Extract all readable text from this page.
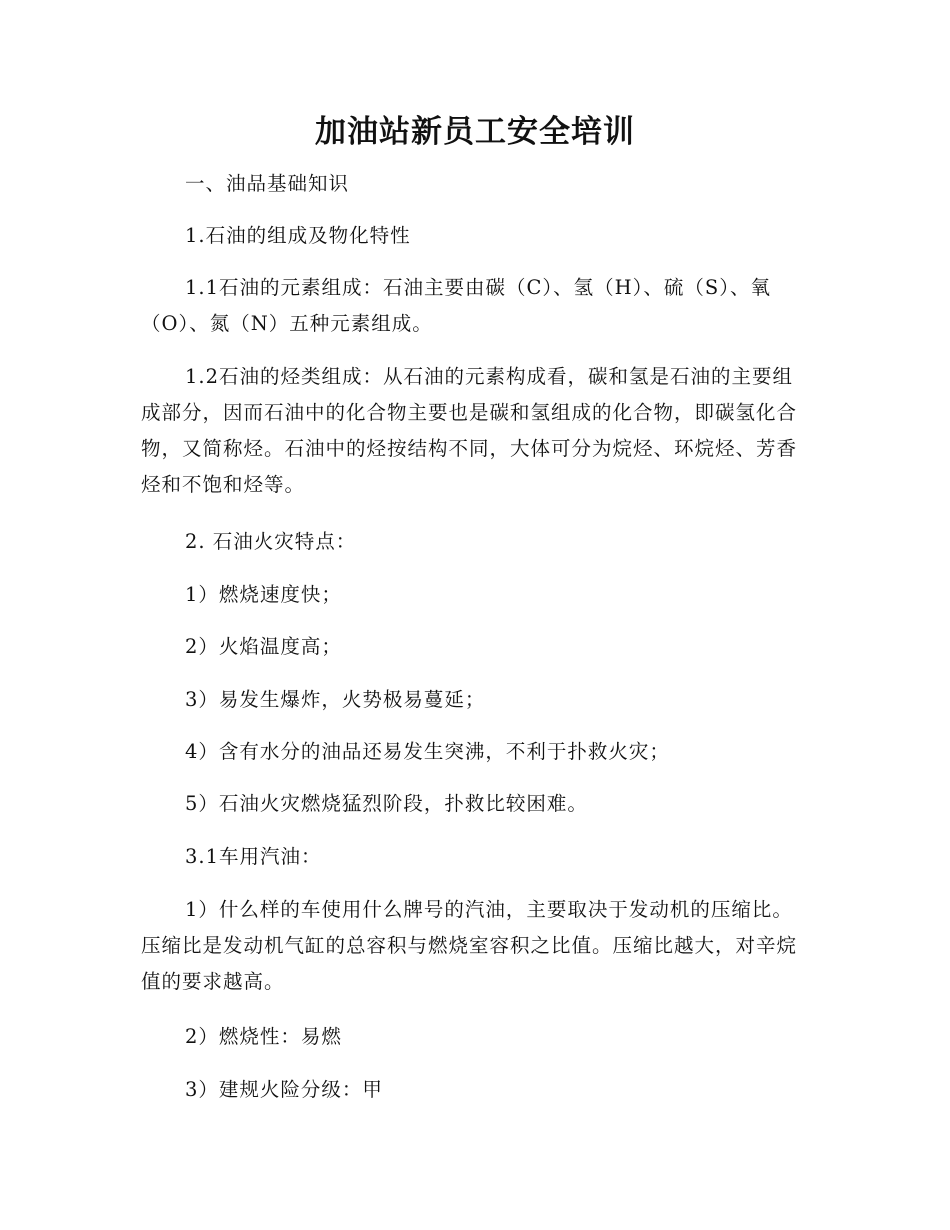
加油站新员工安全培训

一、油品基础知识

1.石油的组成及物化特性

1.1石油的元素组成：石油主要由碳（C）、氢（H）、硫（S）、氧（O）、氮（N）五种元素组成。

1.2石油的烃类组成：从石油的元素构成看，碳和氢是石油的主要组成部分，因而石油中的化合物主要也是碳和氢组成的化合物，即碳氢化合物，又简称烃。石油中的烃按结构不同，大体可分为烷烃、环烷烃、芳香烃和不饱和烃等。

2. 石油火灾特点：

1）燃烧速度快；

2）火焰温度高；

3）易发生爆炸，火势极易蔓延；

4）含有水分的油品还易发生突沸，不利于扑救火灾；

5）石油火灾燃烧猛烈阶段，扑救比较困难。

3.1车用汽油：

1）什么样的车使用什么牌号的汽油，主要取决于发动机的压缩比。压缩比是发动机气缸的总容积与燃烧室容积之比值。压缩比越大，对辛烷值的要求越高。

2）燃烧性：易燃

3）建规火险分级：甲
